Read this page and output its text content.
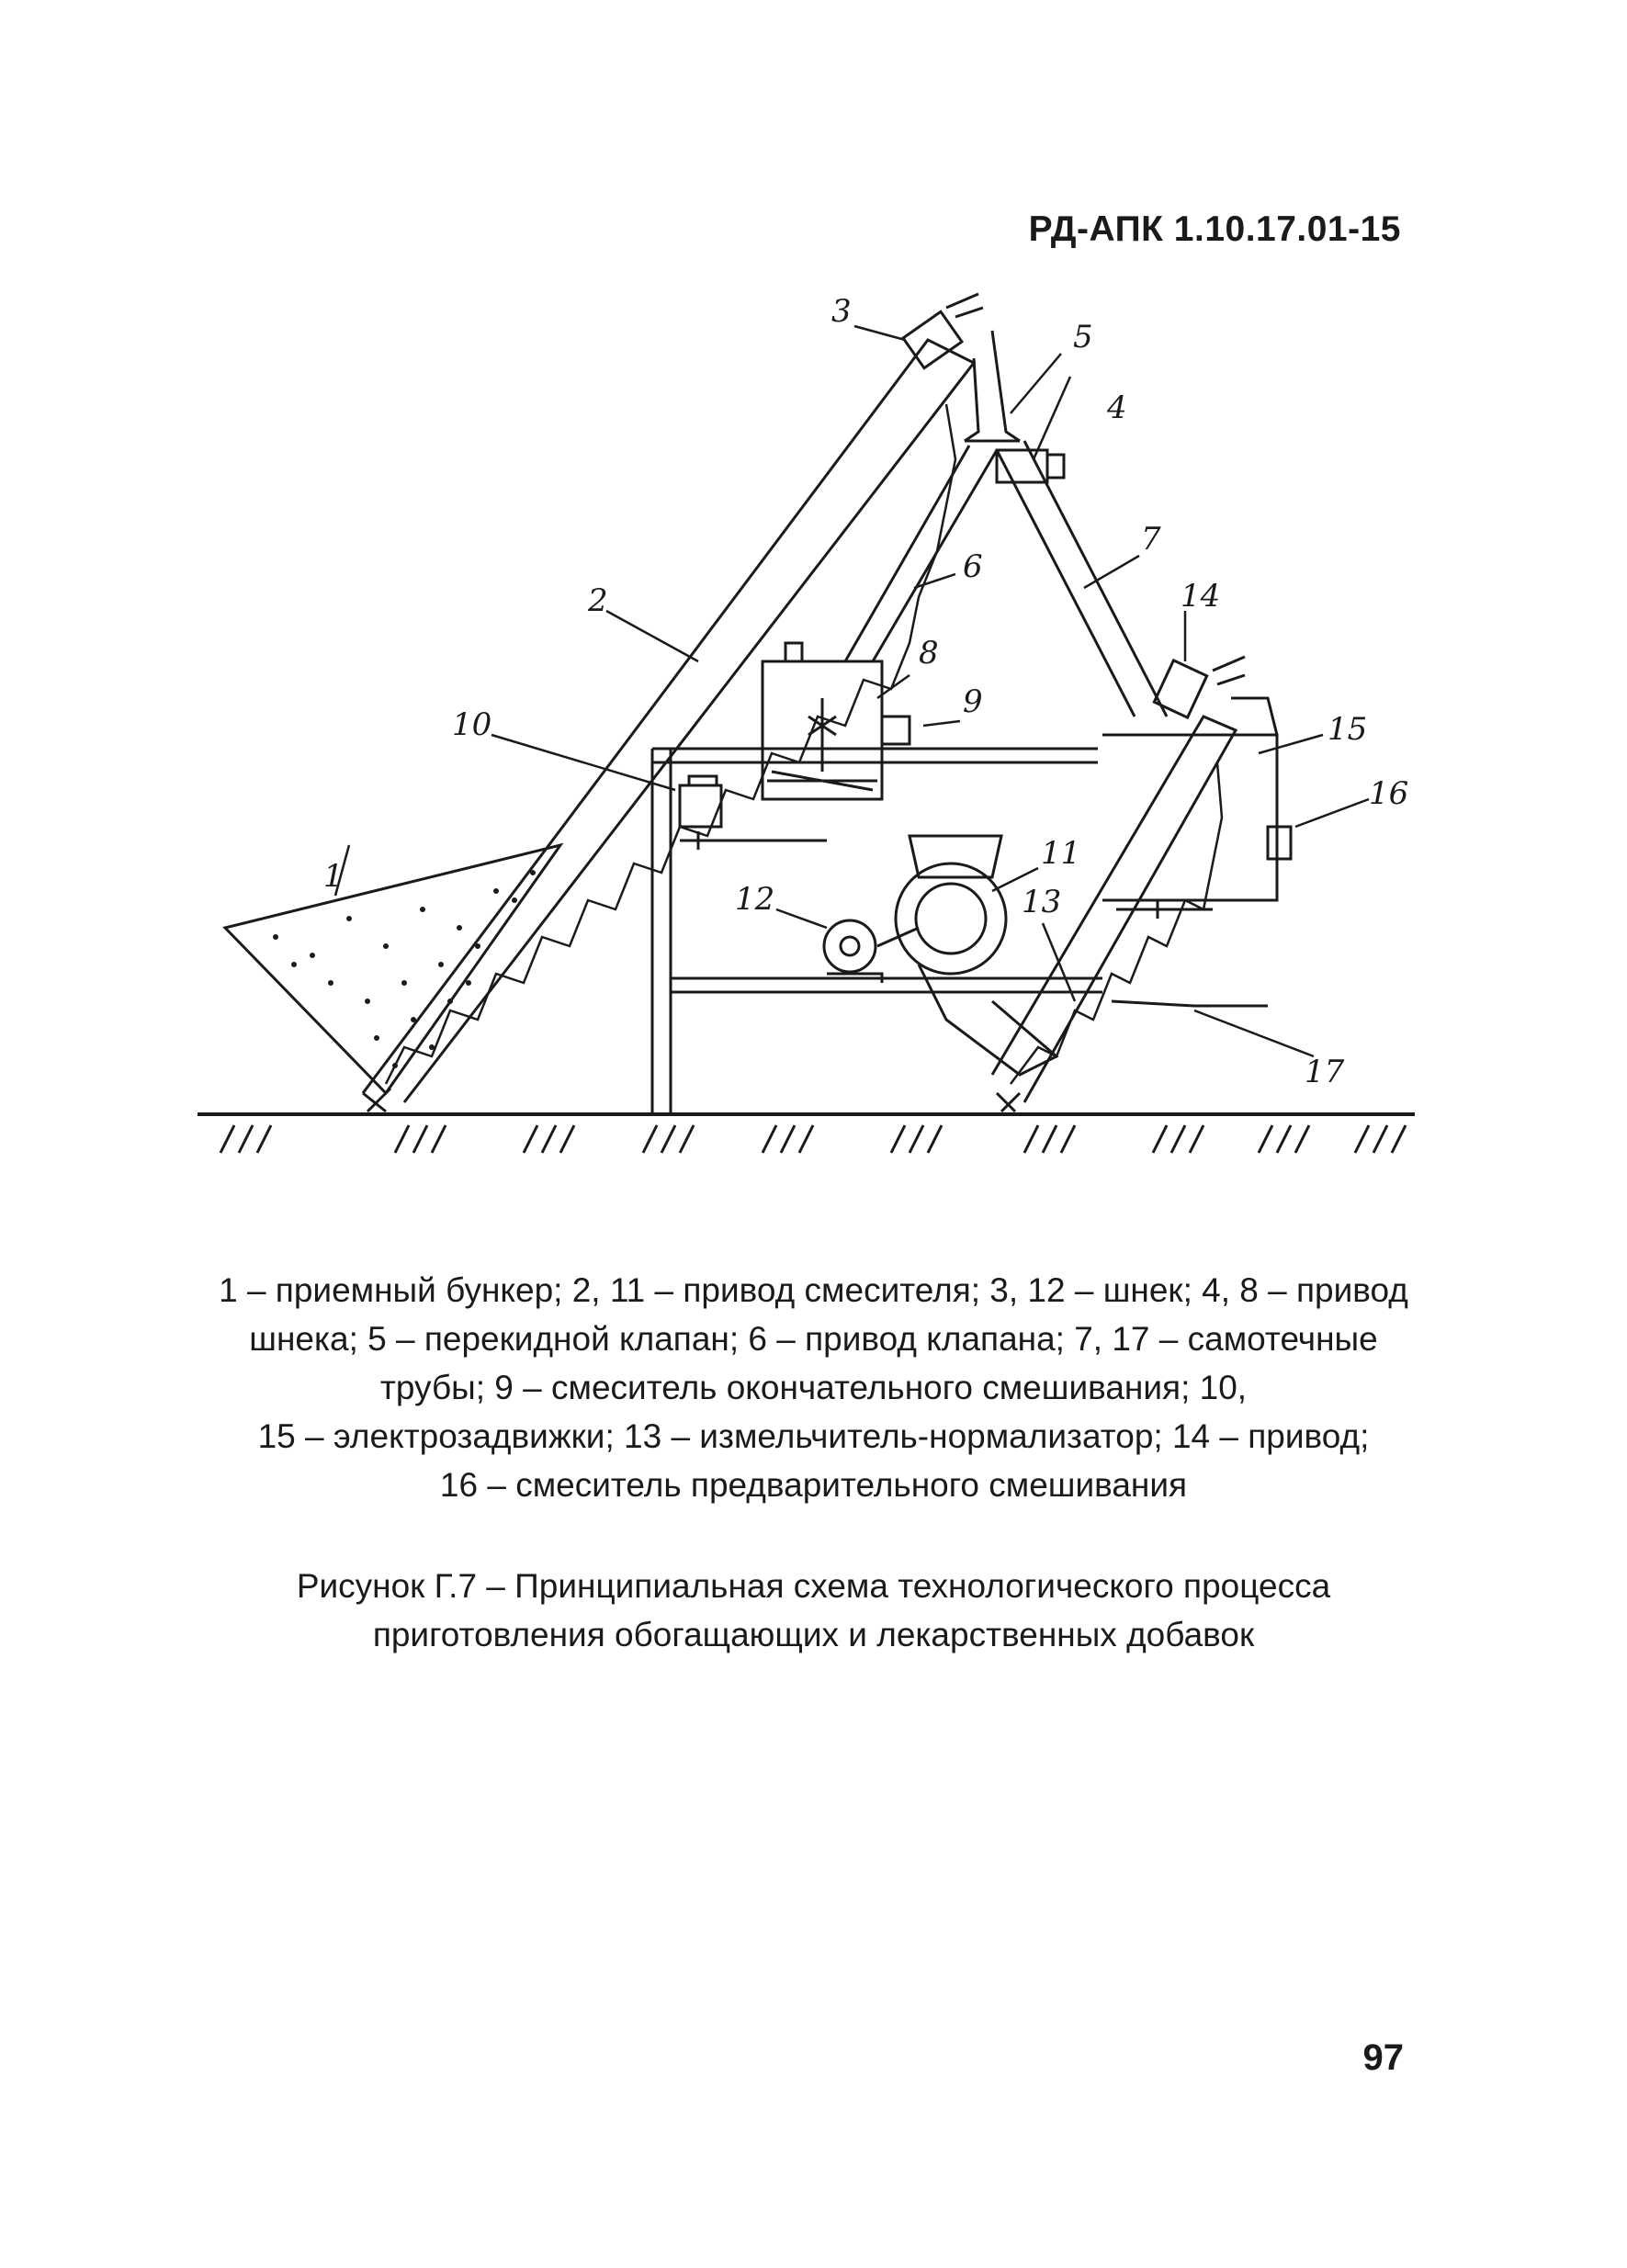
РД-АПК 1.10.17.01-15
1
2
3
4
5
6
7
8
9
10
11
12	13
14
15
16
17
1 – приемный бункер; 2, 11 – привод смесителя; 3, 12 – шнек; 4, 8 – привод
шнека; 5 – перекидной клапан; 6 – привод клапана; 7, 17 – самотечные
трубы; 9 – смеситель окончательного смешивания; 10,
15 – электрозадвижки; 13 – измельчитель-нормализатор; 14 – привод;
16 – смеситель предварительного смешивания
Рисунок Г.7 – Принципиальная схема технологического процесса
приготовления обогащающих и лекарственных добавок
97
